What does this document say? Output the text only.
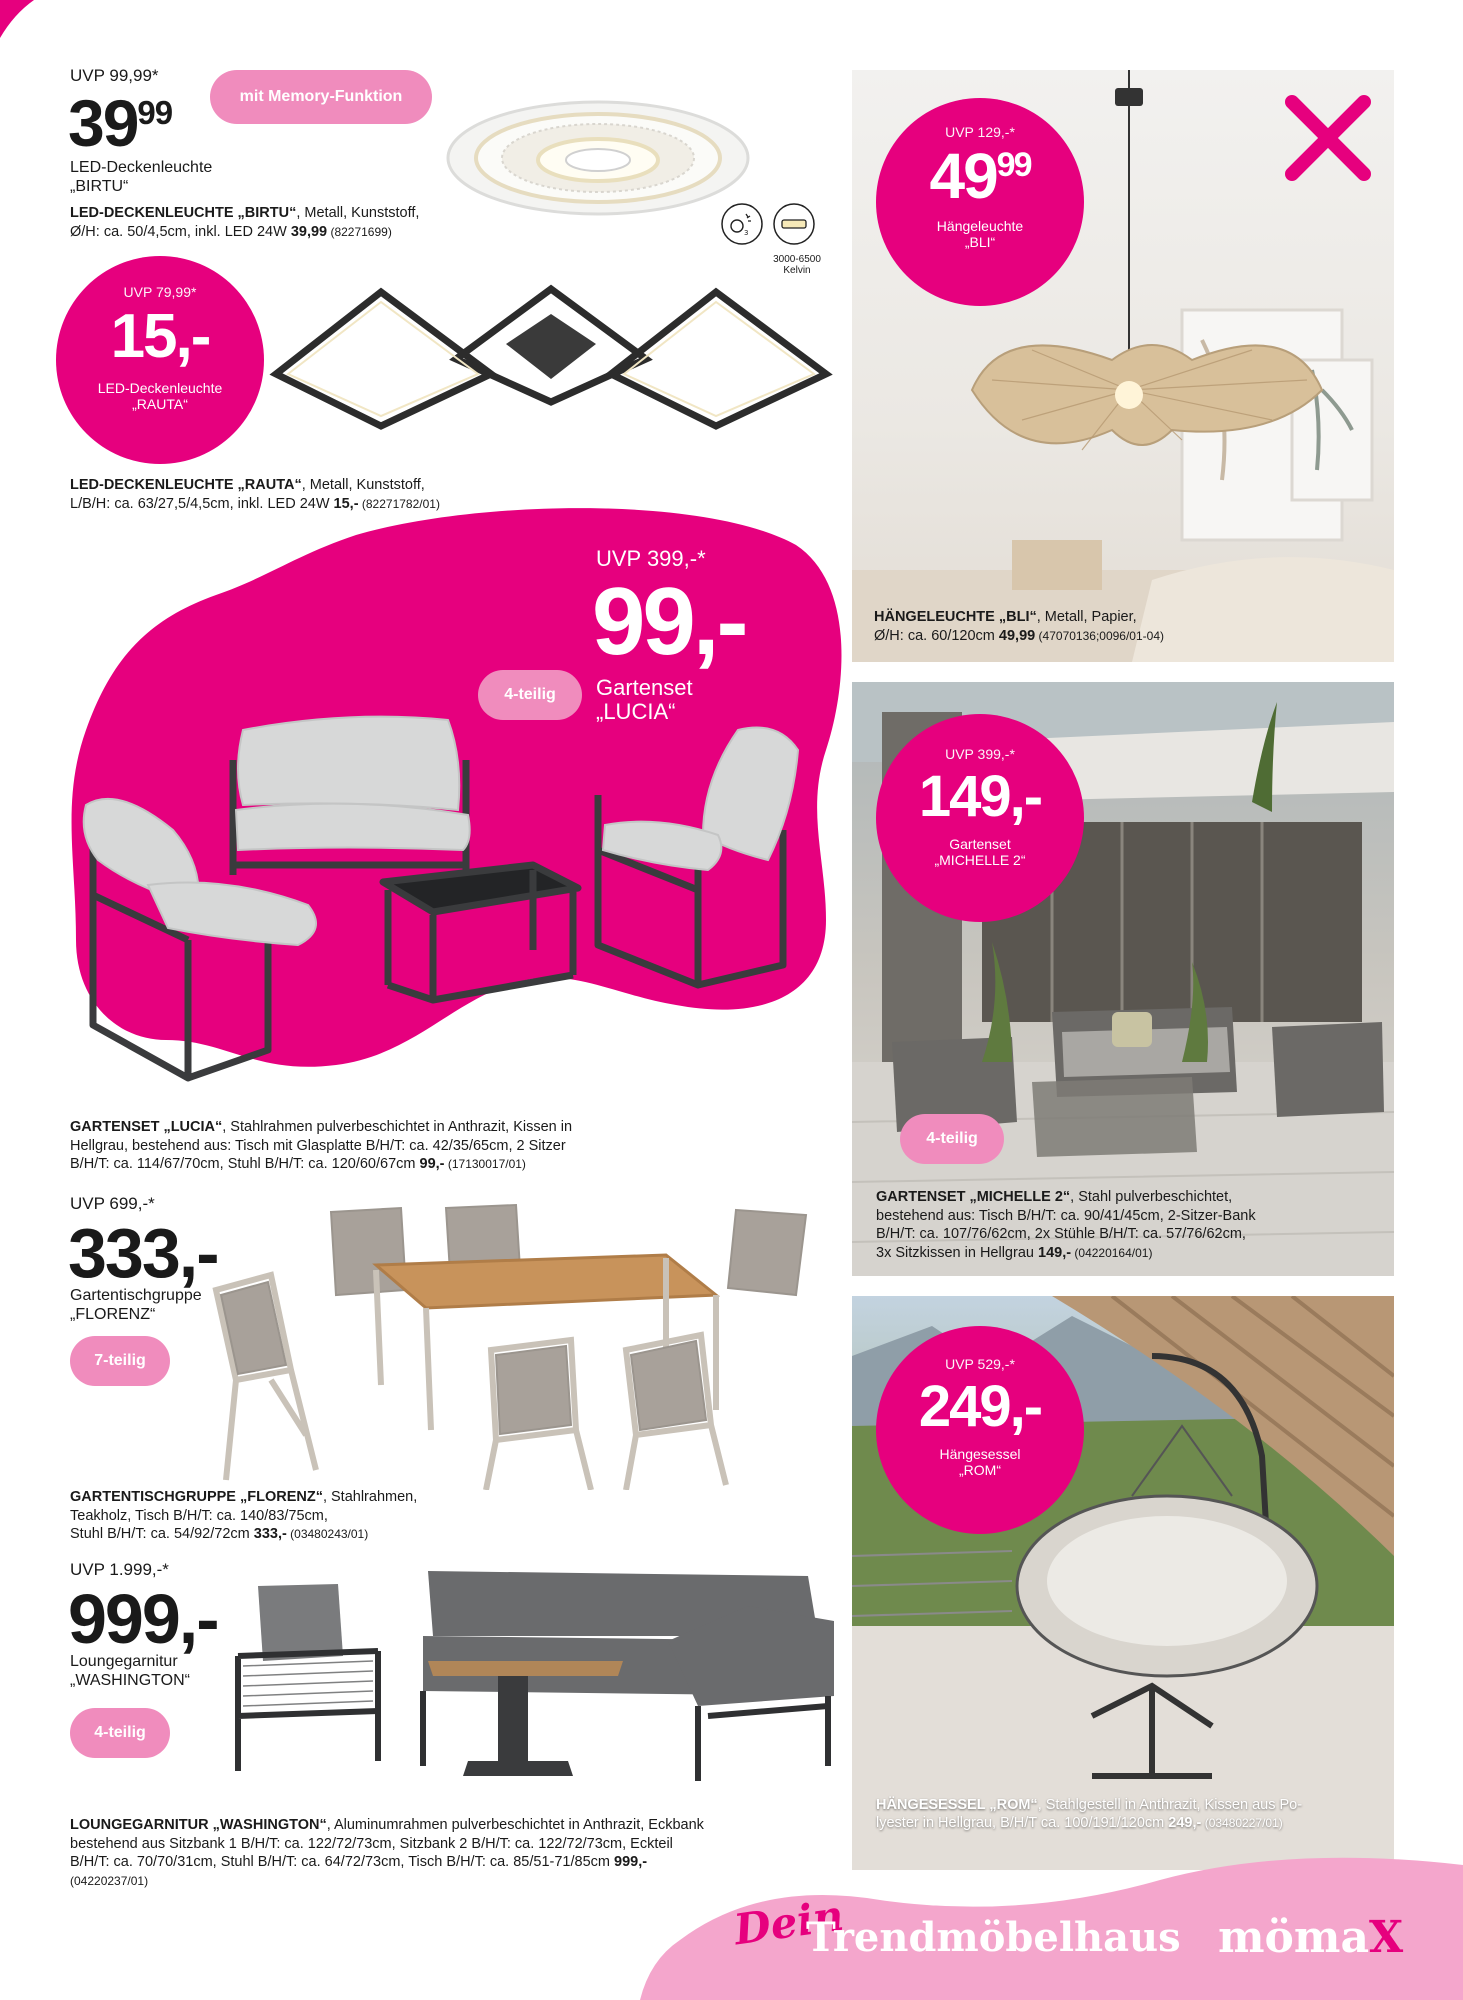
UVP 99,99*
$39^{99}$	mit Memory-Funktion
LED-Deckenleuchte
„BIRTU“
LED-DECKENLEUCHTE „BIRTU“, Metall, Kunststoff,
Ø/H: ca. 50/4,5cm, inkl. LED 24W 39,99 (82271699)	3
3000-6500
Kelvin
UVP 79,99*
15,-
LED-Deckenleuchte
„RAUTA“
LED-DECKENLEUCHTE „RAUTA“, Metall, Kunststoff,
L/B/H: ca. 63/27,5/4,5cm, inkl. LED 24W 15,- (82271782/01)
UVP 399,-*
99,-
Gartenset
„LUCIA“
4-teilig
GARTENSET „LUCIA“, Stahlrahmen pulverbeschichtet in Anthrazit, Kissen in
Hellgrau, bestehend aus: Tisch mit Glasplatte B/H/T: ca. 42/35/65cm, 2 Sitzer
B/H/T: ca. 114/67/70cm, Stuhl B/H/T: ca. 120/60/67cm 99,- (17130017/01)
UVP 699,-*
333,-
Gartentischgruppe
„FLORENZ“
7-teilig
GARTENTISCHGRUPPE „FLORENZ“, Stahlrahmen,
Teakholz, Tisch B/H/T: ca. 140/83/75cm,
Stuhl B/H/T: ca. 54/92/72cm 333,- (03480243/01)
UVP 1.999,-*
999,-
Loungegarnitur
„WASHINGTON“
4-teilig
LOUNGEGARNITUR „WASHINGTON“, Aluminumrahmen pulverbeschichtet in Anthrazit, Eckbank
bestehend aus Sitzbank 1 B/H/T: ca. 122/72/73cm, Sitzbank 2 B/H/T: ca. 122/72/73cm, Eckteil
B/H/T: ca. 70/70/31cm, Stuhl B/H/T: ca. 64/72/73cm, Tisch B/H/T: ca. 85/51-71/85cm 999,-
(04220237/01)
UVP 129,-*
$49^{99}$
Hängeleuchte
„BLI“
HÄNGELEUCHTE „BLI“, Metall, Papier,
Ø/H: ca. 60/120cm 49,99 (47070136;0096/01-04)
UVP 399,-*
149,-
Gartenset
„MICHELLE 2“
4-teilig
GARTENSET „MICHELLE 2“, Stahl pulverbeschichtet,
bestehend aus: Tisch B/H/T: ca. 90/41/45cm, 2-Sitzer-Bank
B/H/T: ca. 107/76/62cm, 2x Stühle B/H/T: ca. 57/76/62cm,
3x Sitzkissen in Hellgrau 149,- (04220164/01)
UVP 529,-*
249,-
Hängesessel
„ROM“
HÄNGESESSEL „ROM“, Stahlgestell in Anthrazit, Kissen aus Po-
lyester in Hellgrau, B/H/T ca. 100/191/120cm 249,- (03480227/01)
Dein
Trendmöbelhaus mömaX
